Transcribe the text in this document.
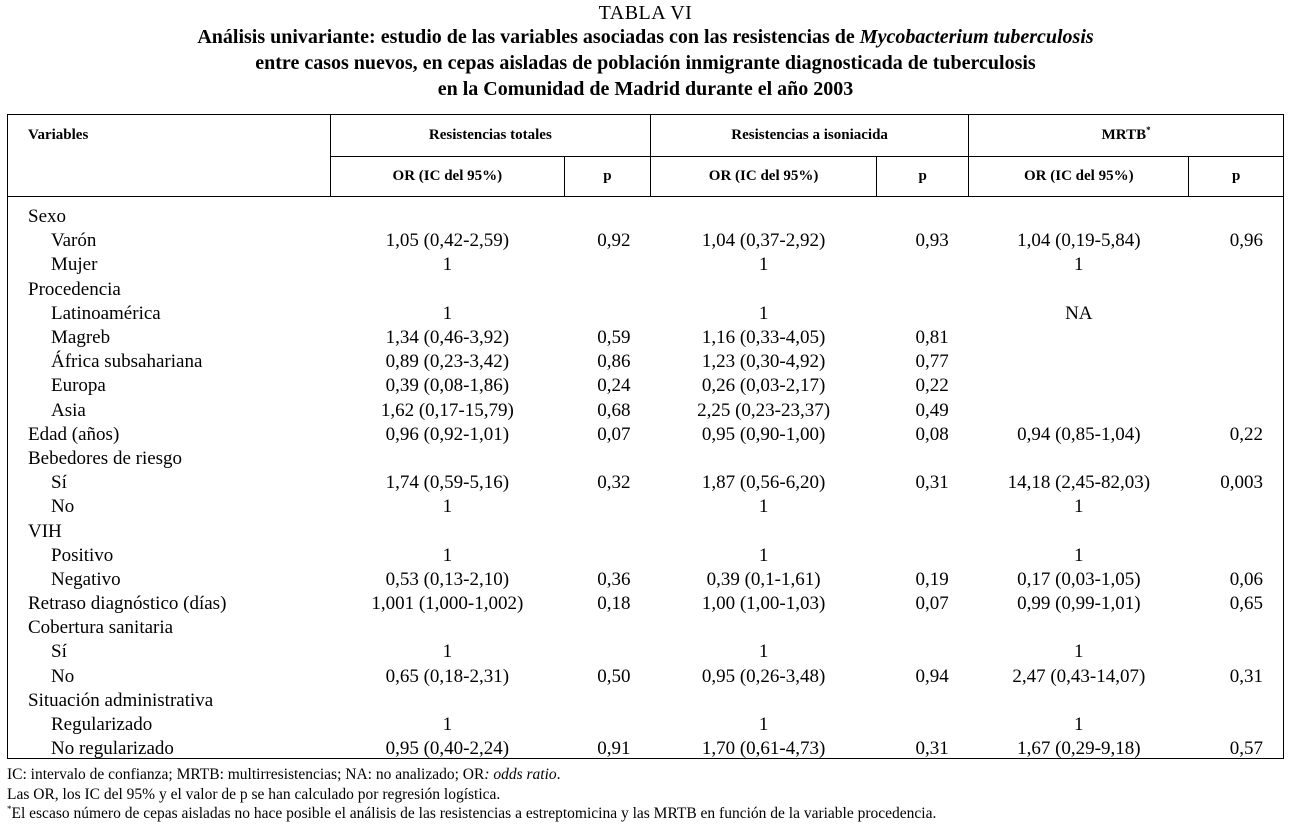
TABLA VI
Análisis univariante: estudio de las variables asociadas con las resistencias de Mycobacterium tuberculosis
entre casos nuevos, en cepas aisladas de población inmigrante diagnosticada de tuberculosis
en la Comunidad de Madrid durante el año 2003
Variables	Resistencias totales		Resistencias a isoniacida		MRTB*
	OR (IC del 95%)	p	OR (IC del 95%)	p	OR (IC del 95%)	p
Sexo						
Varón	1,05 (0,42-2,59)	0,92	1,04 (0,37-2,92)	0,93	1,04 (0,19-5,84)	0,96
Mujer	1		1		1	
Procedencia						
Latinoamérica	1		1		NA	
Magreb	1,34 (0,46-3,92)	0,59	1,16 (0,33-4,05)	0,81		
África subsahariana	0,89 (0,23-3,42)	0,86	1,23 (0,30-4,92)	0,77		
Europa	0,39 (0,08-1,86)	0,24	0,26 (0,03-2,17)	0,22		
Asia	1,62 (0,17-15,79)	0,68	2,25 (0,23-23,37)	0,49		
Edad (años)	0,96 (0,92-1,01)	0,07	0,95 (0,90-1,00)	0,08	0,94 (0,85-1,04)	0,22
Bebedores de riesgo						
Sí	1,74 (0,59-5,16)	0,32	1,87 (0,56-6,20)	0,31	14,18 (2,45-82,03)	0,003
No	1		1		1	
VIH						
Positivo	1		1		1	
Negativo	0,53 (0,13-2,10)	0,36	0,39 (0,1-1,61)	0,19	0,17 (0,03-1,05)	0,06
Retraso diagnóstico (días)	1,001 (1,000-1,002)	0,18	1,00 (1,00-1,03)	0,07	0,99 (0,99-1,01)	0,65
Cobertura sanitaria						
Sí	1		1		1	
No	0,65 (0,18-2,31)	0,50	0,95 (0,26-3,48)	0,94	2,47 (0,43-14,07)	0,31
Situación administrativa						
Regularizado	1		1		1	
No regularizado	0,95 (0,40-2,24)	0,91	1,70 (0,61-4,73)	0,31	1,67 (0,29-9,18)	0,57
IC: intervalo de confianza; MRTB: multirresistencias; NA: no analizado; OR: odds ratio.
Las OR, los IC del 95% y el valor de p se han calculado por regresión logística.
*El escaso número de cepas aisladas no hace posible el análisis de las resistencias a estreptomicina y las MRTB en función de la variable procedencia.
